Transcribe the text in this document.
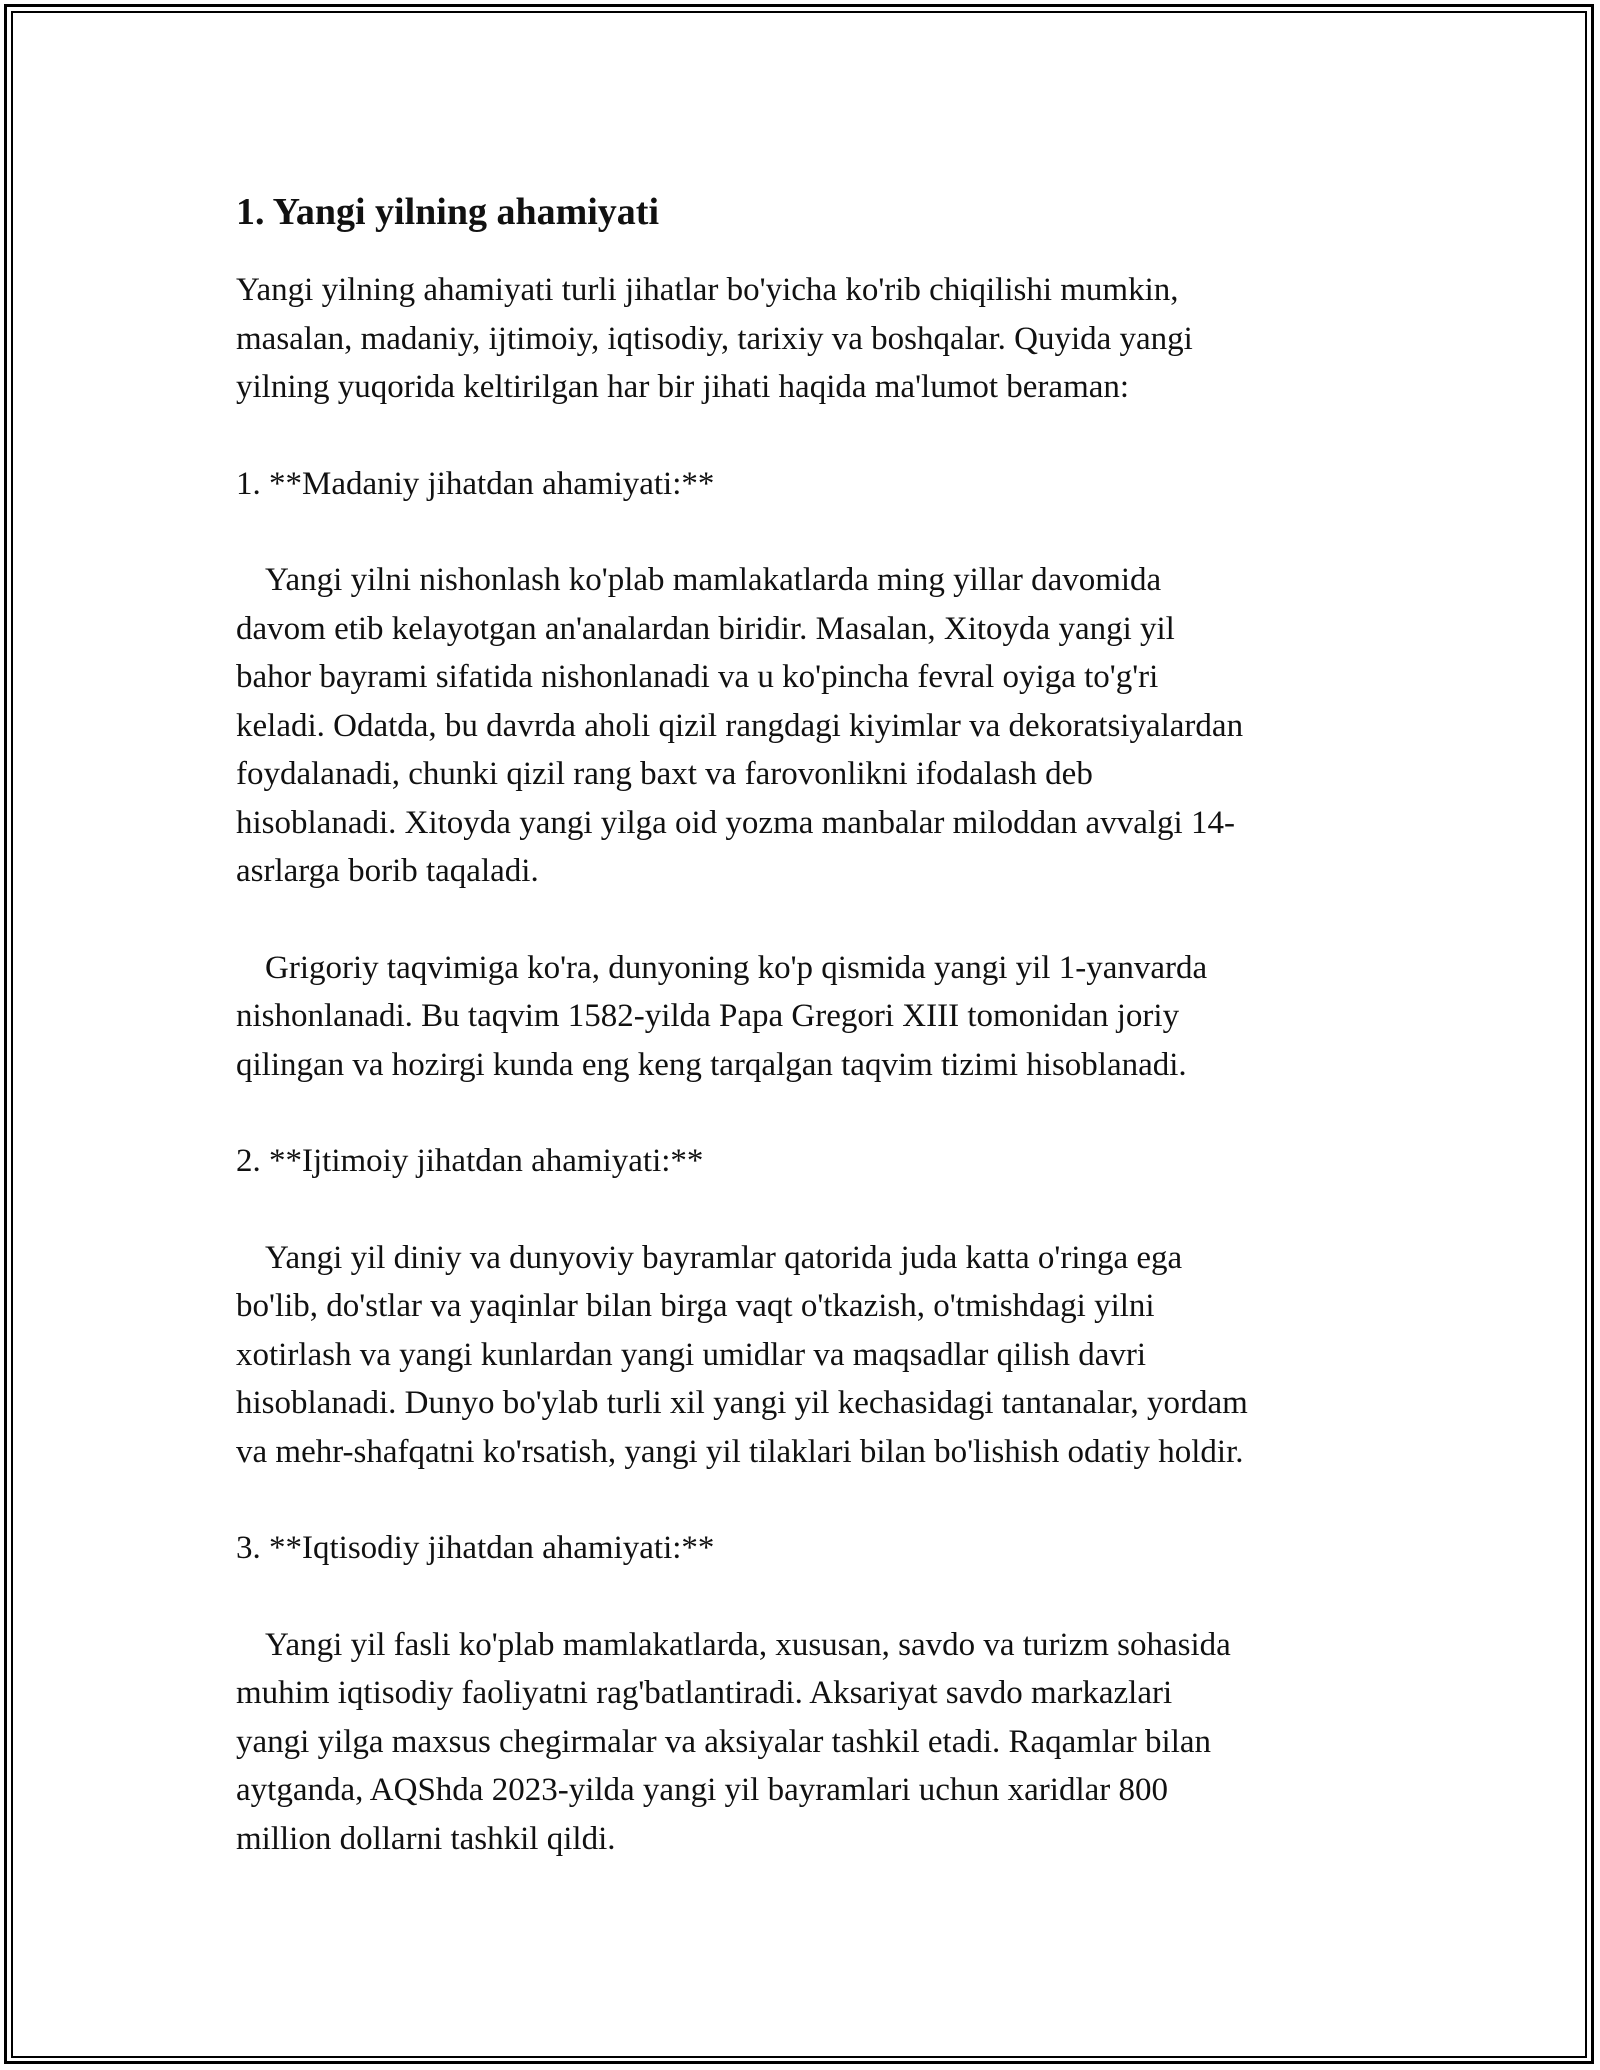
1. Yangi yilning ahamiyati

Yangi yilning ahamiyati turli jihatlar bo'yicha ko'rib chiqilishi mumkin,
masalan, madaniy, ijtimoiy, iqtisodiy, tarixiy va boshqalar. Quyida yangi
yilning yuqorida keltirilgan har bir jihati haqida ma'lumot beraman:

1. **Madaniy jihatdan ahamiyati:**

Yangi yilni nishonlash ko'plab mamlakatlarda ming yillar davomida
davom etib kelayotgan an'analardan biridir. Masalan, Xitoyda yangi yil
bahor bayrami sifatida nishonlanadi va u ko'pincha fevral oyiga to'g'ri
keladi. Odatda, bu davrda aholi qizil rangdagi kiyimlar va dekoratsiyalardan
foydalanadi, chunki qizil rang baxt va farovonlikni ifodalash deb
hisoblanadi. Xitoyda yangi yilga oid yozma manbalar miloddan avvalgi 14-
asrlarga borib taqaladi.

Grigoriy taqvimiga ko'ra, dunyoning ko'p qismida yangi yil 1-yanvarda
nishonlanadi. Bu taqvim 1582-yilda Papa Gregori XIII tomonidan joriy
qilingan va hozirgi kunda eng keng tarqalgan taqvim tizimi hisoblanadi.

2. **Ijtimoiy jihatdan ahamiyati:**

Yangi yil diniy va dunyoviy bayramlar qatorida juda katta o'ringa ega
bo'lib, do'stlar va yaqinlar bilan birga vaqt o'tkazish, o'tmishdagi yilni
xotirlash va yangi kunlardan yangi umidlar va maqsadlar qilish davri
hisoblanadi. Dunyo bo'ylab turli xil yangi yil kechasidagi tantanalar, yordam
va mehr-shafqatni ko'rsatish, yangi yil tilaklari bilan bo'lishish odatiy holdir.

3. **Iqtisodiy jihatdan ahamiyati:**

Yangi yil fasli ko'plab mamlakatlarda, xususan, savdo va turizm sohasida
muhim iqtisodiy faoliyatni rag'batlantiradi. Aksariyat savdo markazlari
yangi yilga maxsus chegirmalar va aksiyalar tashkil etadi. Raqamlar bilan
aytganda, AQShda 2023-yilda yangi yil bayramlari uchun xaridlar 800
million dollarni tashkil qildi.
